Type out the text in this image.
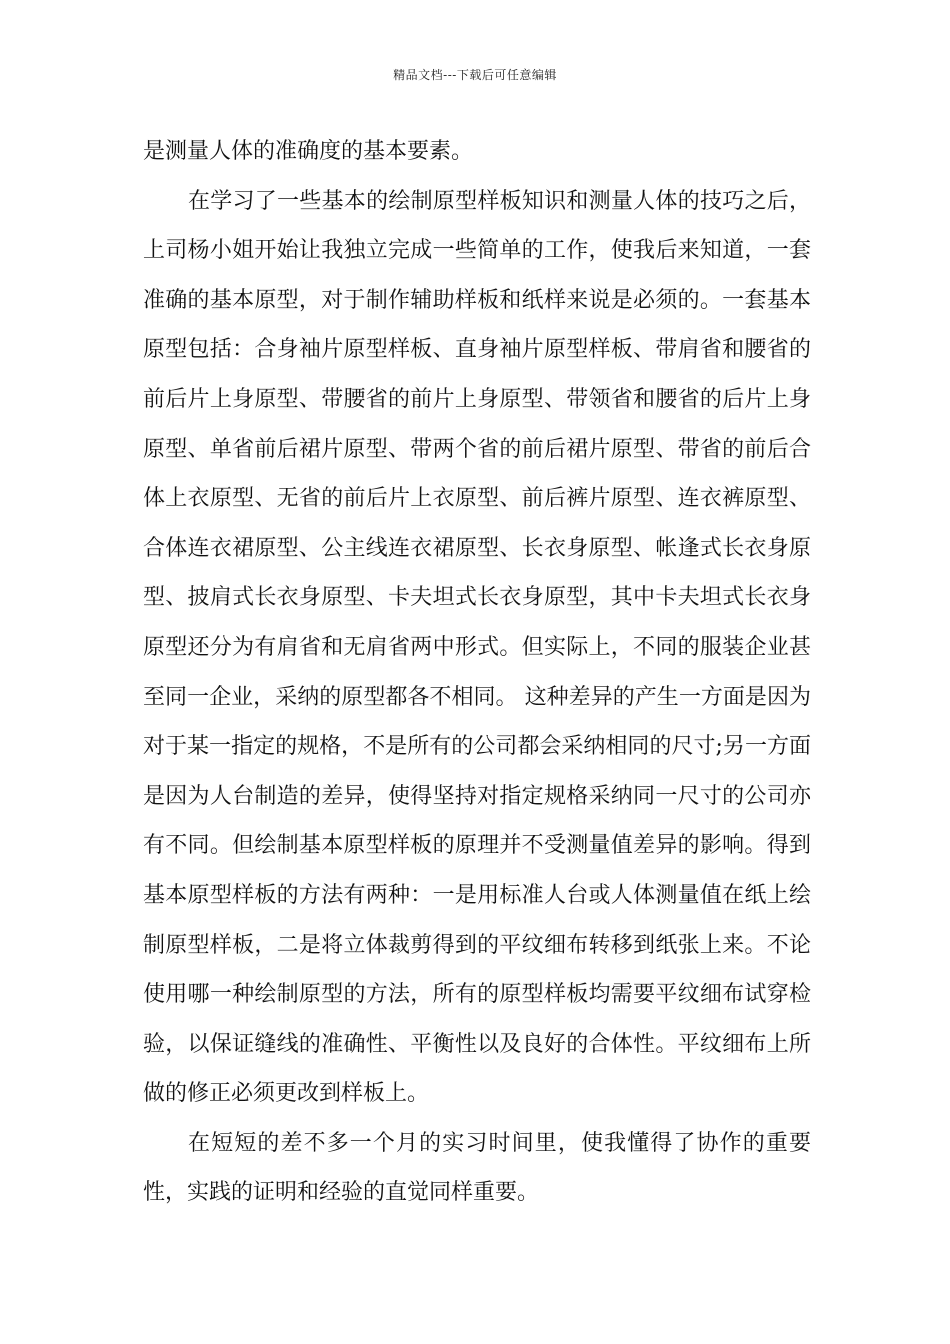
精品文档---下载后可任意编辑

是测量人体的准确度的基本要素。

在学习了一些基本的绘制原型样板知识和测量人体的技巧之后，上司杨小姐开始让我独立完成一些简单的工作，使我后来知道，一套准确的基本原型，对于制作辅助样板和纸样来说是必须的。一套基本原型包括：合身袖片原型样板、直身袖片原型样板、带肩省和腰省的前后片上身原型、带腰省的前片上身原型、带领省和腰省的后片上身原型、单省前后裙片原型、带两个省的前后裙片原型、带省的前后合体上衣原型、无省的前后片上衣原型、前后裤片原型、连衣裤原型、合体连衣裙原型、公主线连衣裙原型、长衣身原型、帐逢式长衣身原型、披肩式长衣身原型、卡夫坦式长衣身原型，其中卡夫坦式长衣身原型还分为有肩省和无肩省两中形式。但实际上，不同的服装企业甚至同一企业，采纳的原型都各不相同。 这种差异的产生一方面是因为对于某一指定的规格，不是所有的公司都会采纳相同的尺寸;另一方面是因为人台制造的差异，使得坚持对指定规格采纳同一尺寸的公司亦有不同。但绘制基本原型样板的原理并不受测量值差异的影响。得到基本原型样板的方法有两种：一是用标准人台或人体测量值在纸上绘制原型样板，二是将立体裁剪得到的平纹细布转移到纸张上来。不论使用哪一种绘制原型的方法，所有的原型样板均需要平纹细布试穿检验，以保证缝线的准确性、平衡性以及良好的合体性。平纹细布上所做的修正必须更改到样板上。

在短短的差不多一个月的实习时间里，使我懂得了协作的重要性，实践的证明和经验的直觉同样重要。
